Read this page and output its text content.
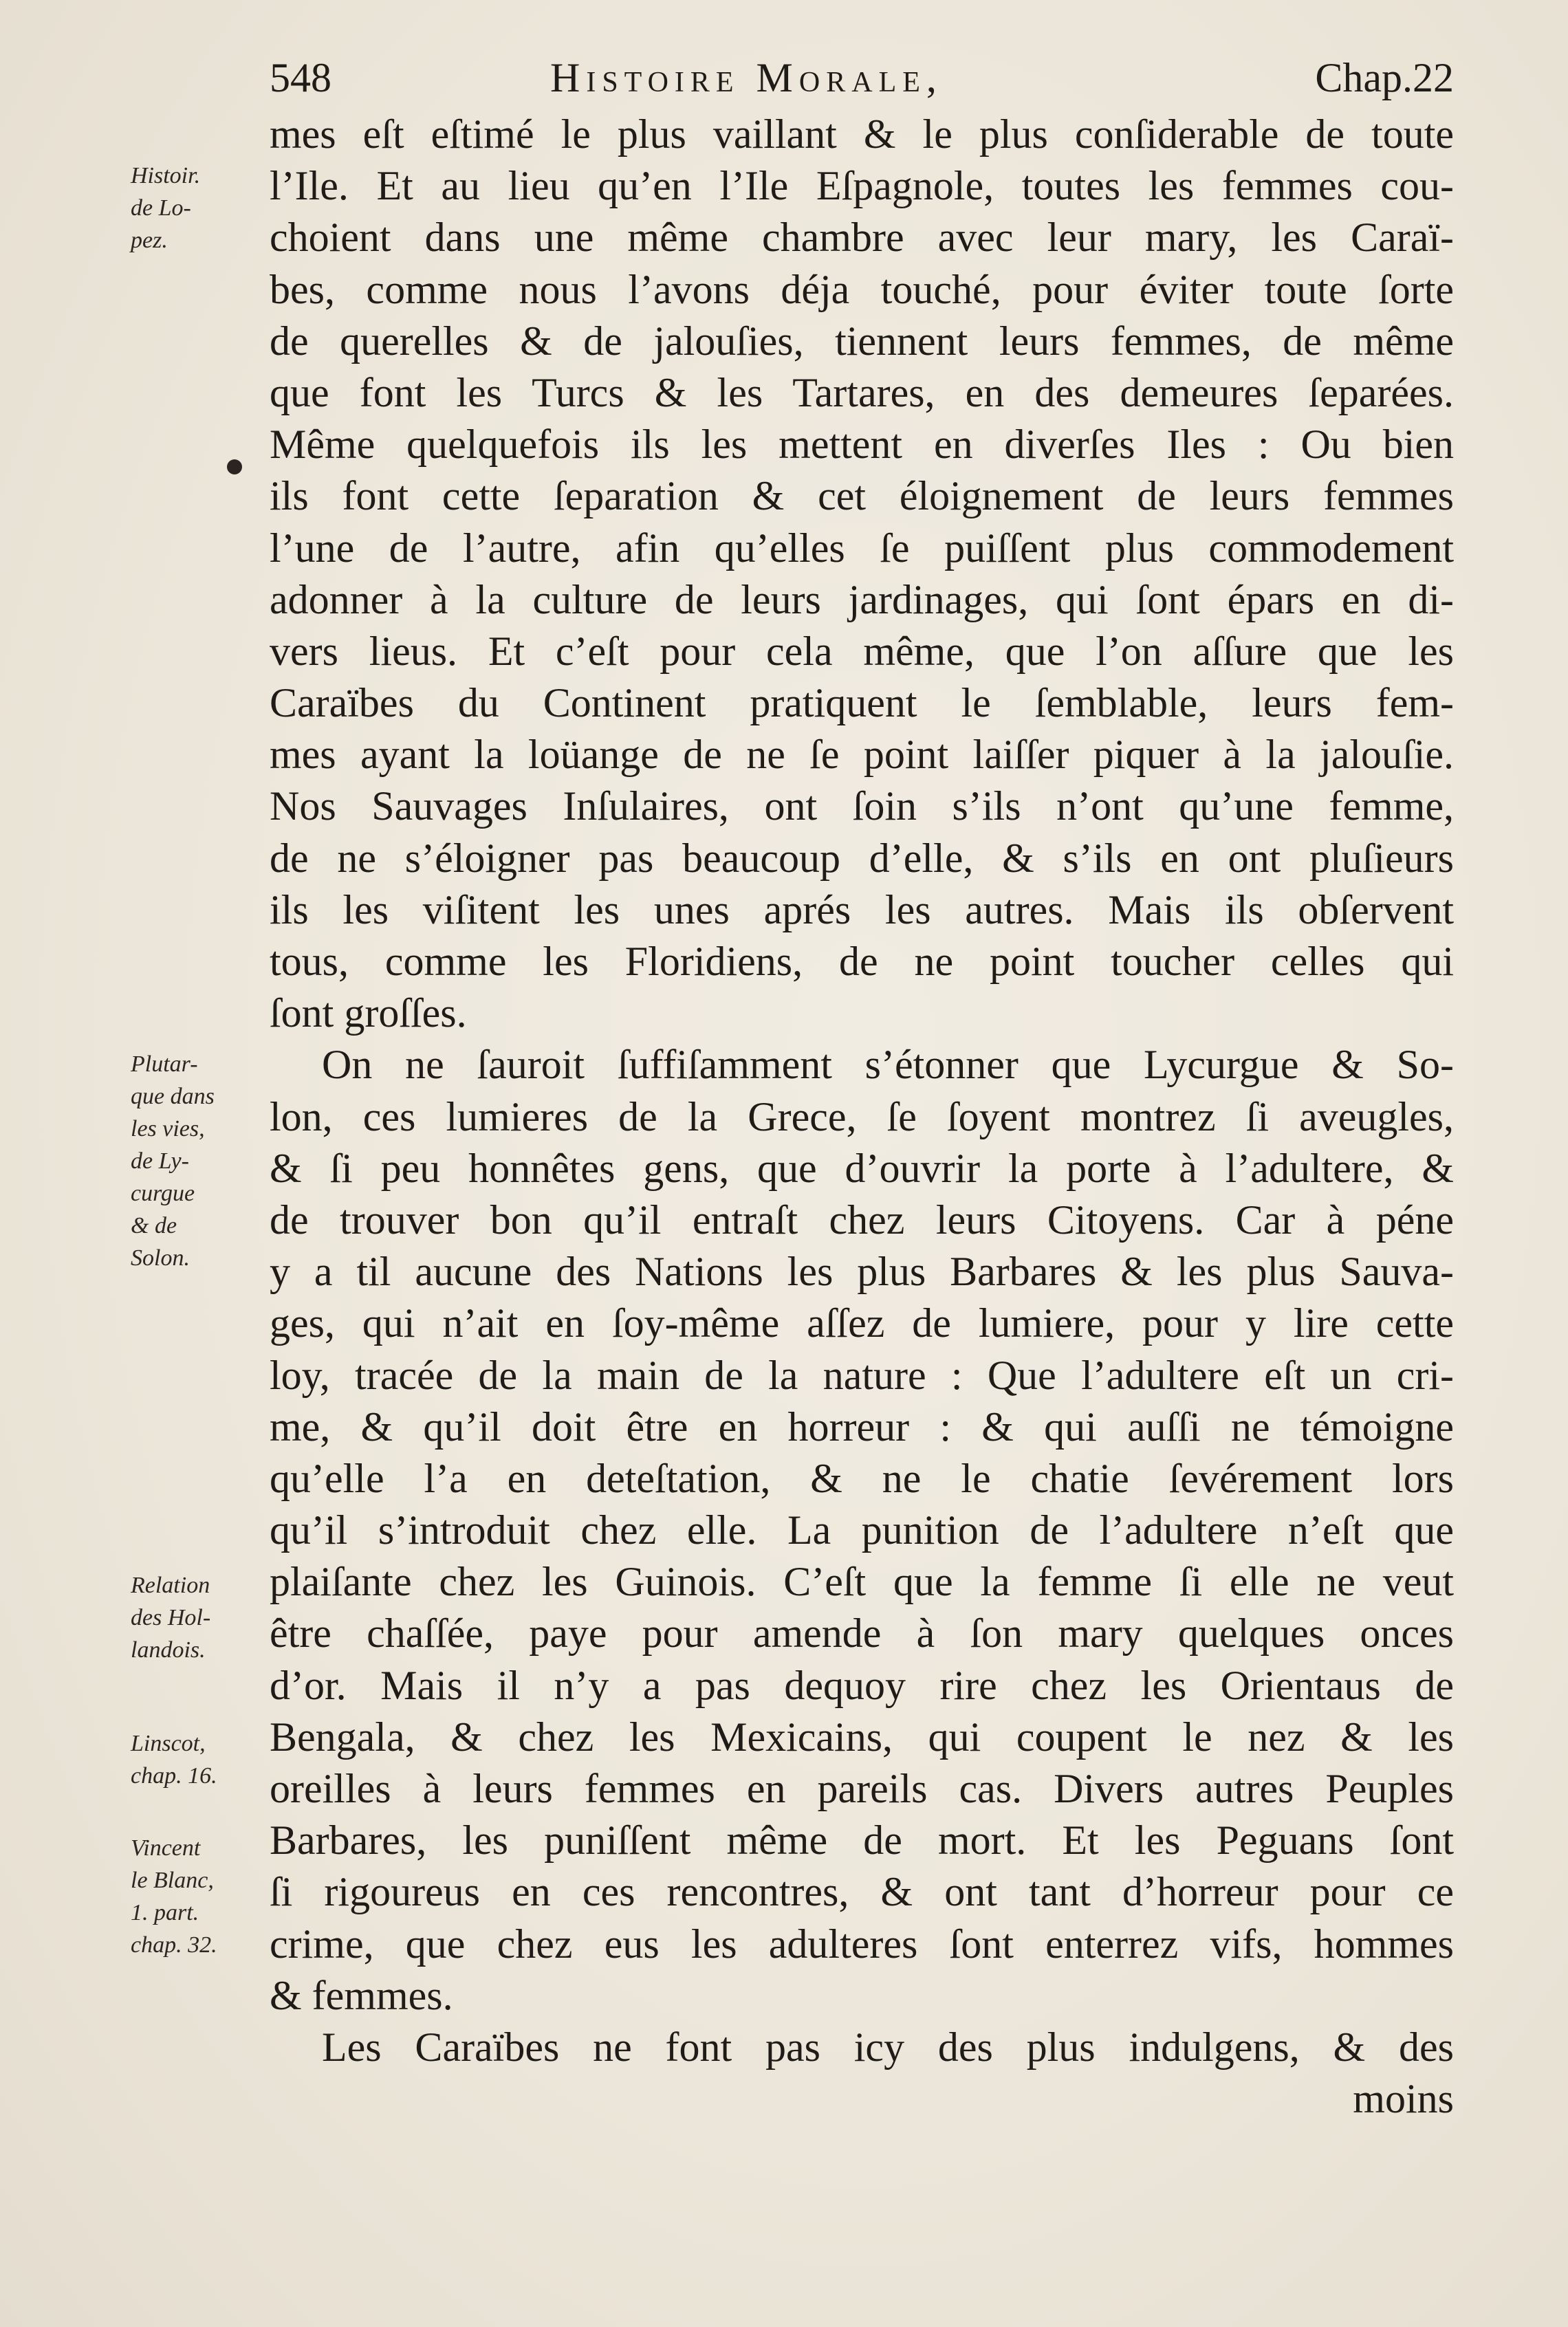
548	Histoire Morale,	Chap.22
Histoir.
de Lo-
pez.
Plutar-
que dans
les vies,
de Ly-
curgue
& de
Solon.
Relation
des Hol-
landois.
Linscot,
chap. 16.
Vincent
le Blanc,
1. part.
chap. 32.
mes eſt eſtimé le plus vaillant & le plus conſiderable de toute
l’Ile. Et au lieu qu’en l’Ile Eſpagnole, toutes les femmes cou-
choient dans une même chambre avec leur mary, les Caraï-
bes, comme nous l’avons déja touché, pour éviter toute ſorte
de querelles & de jalouſies, tiennent leurs femmes, de même
que font les Turcs & les Tartares, en des demeures ſeparées.
Même quelquefois ils les mettent en diverſes Iles : Ou bien
ils font cette ſeparation & cet éloignement de leurs femmes
l’une de l’autre, afin qu’elles ſe puiſſent plus commodement
adonner à la culture de leurs jardinages, qui ſont épars en di-
vers lieus. Et c’eſt pour cela même, que l’on aſſure que les
Caraïbes du Continent pratiquent le ſemblable, leurs fem-
mes ayant la loüange de ne ſe point laiſſer piquer à la jalouſie.
Nos Sauvages Inſulaires, ont ſoin s’ils n’ont qu’une femme,
de ne s’éloigner pas beaucoup d’elle, & s’ils en ont pluſieurs
ils les viſitent les unes aprés les autres. Mais ils obſervent
tous, comme les Floridiens, de ne point toucher celles qui
ſont groſſes.
On ne ſauroit ſuffiſamment s’étonner que Lycurgue & So-
lon, ces lumieres de la Grece, ſe ſoyent montrez ſi aveugles,
& ſi peu honnêtes gens, que d’ouvrir la porte à l’adultere, &
de trouver bon qu’il entraſt chez leurs Citoyens. Car à péne
y a til aucune des Nations les plus Barbares & les plus Sauva-
ges, qui n’ait en ſoy-même aſſez de lumiere, pour y lire cette
loy, tracée de la main de la nature : Que l’adultere eſt un cri-
me, & qu’il doit être en horreur : & qui auſſi ne témoigne
qu’elle l’a en deteſtation, & ne le chatie ſevérement lors
qu’il s’introduit chez elle. La punition de l’adultere n’eſt que
plaiſante chez les Guinois. C’eſt que la femme ſi elle ne veut
être chaſſée, paye pour amende à ſon mary quelques onces
d’or. Mais il n’y a pas dequoy rire chez les Orientaus de
Bengala, & chez les Mexicains, qui coupent le nez & les
oreilles à leurs femmes en pareils cas. Divers autres Peuples
Barbares, les puniſſent même de mort. Et les Peguans ſont
ſi rigoureus en ces rencontres, & ont tant d’horreur pour ce
crime, que chez eus les adulteres ſont enterrez vifs, hommes
& femmes.
Les Caraïbes ne font pas icy des plus indulgens, & des
moins
